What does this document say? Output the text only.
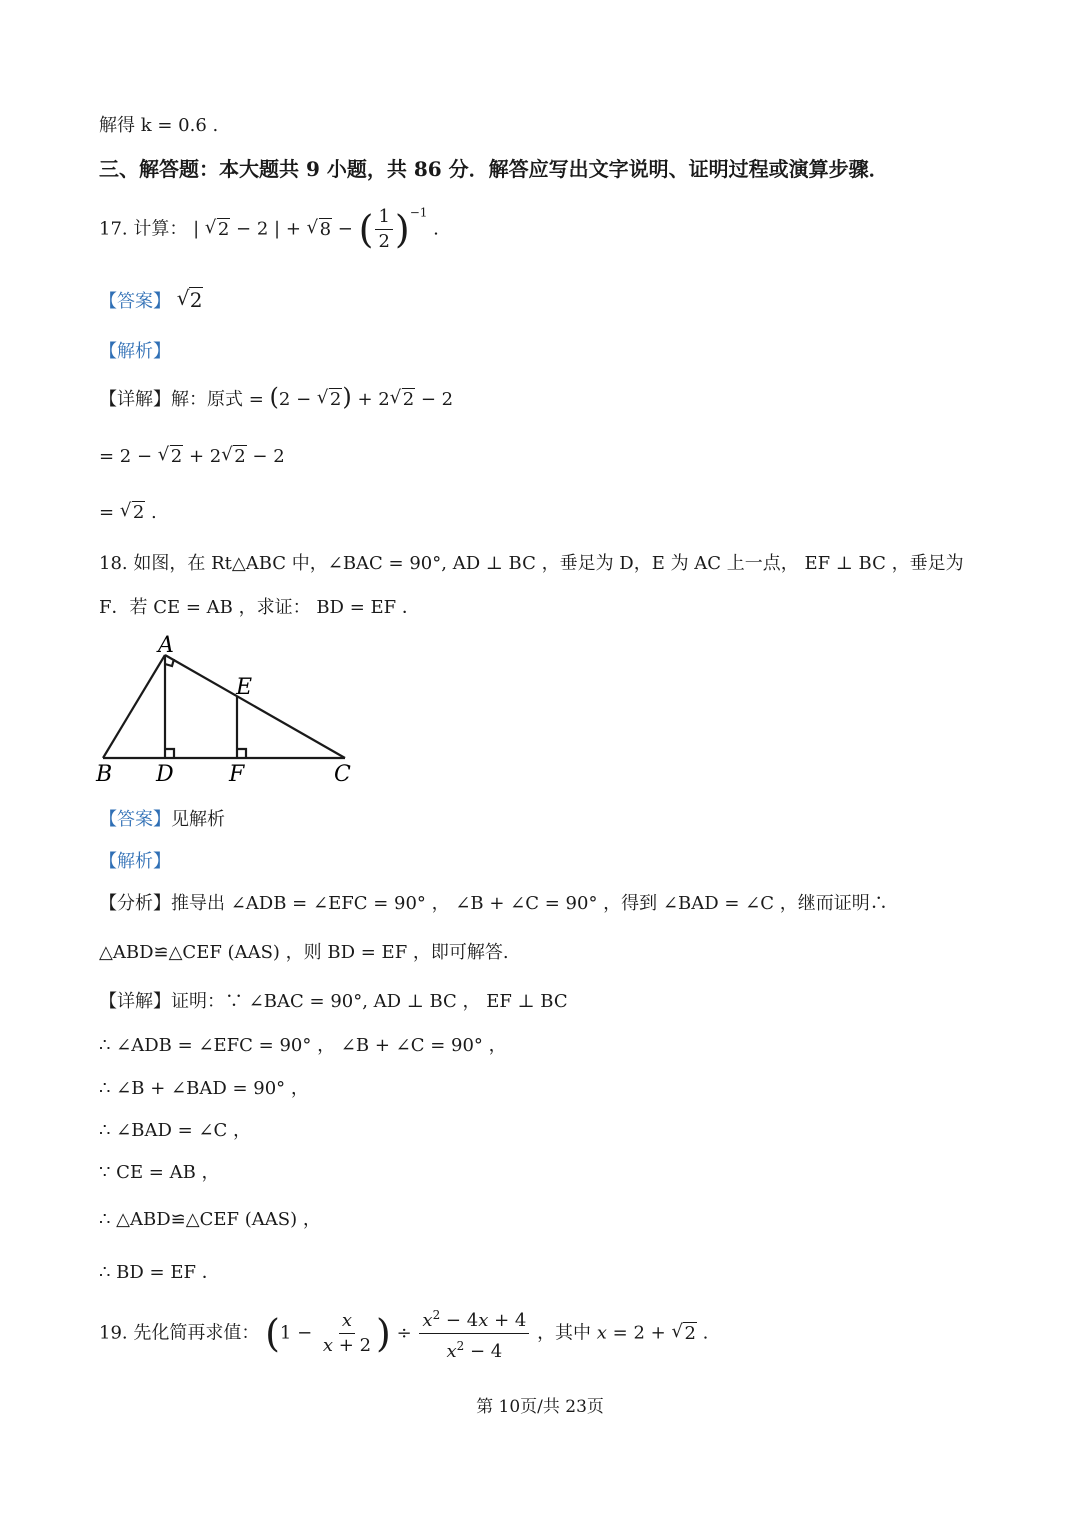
解得 k = 0.6 .
三、解答题：本大题共 9 小题，共 86 分．解答应写出文字说明、证明过程或演算步骤．
17. 计算： | √ 2 − 2 | + √ 8 − ( $\frac{1}{2} )^{-1}$ .
【答案】 √ 2
【解析】
【详解】解：原式 = (2 − √ 2) + 2 √ 2 − 2
= 2 − √ 2 + 2 √ 2 − 2
= √ 2 .
18. 如图，在 Rt△ABC 中，∠BAC = 90°, AD ⊥ BC ，垂足为 D，E 为 AC 上一点， EF ⊥ BC ，垂足为
F．若 CE = AB ，求证： BD = EF ．
A
B	C
D
E
F
【答案】见解析
【解析】
【分析】推导出 ∠ADB = ∠EFC = 90° ， ∠B + ∠C = 90° ，得到 ∠BAD = ∠C ，继而证明∴
△ABD≌△CEF (AAS) ，则 BD = EF ，即可解答.
【详解】证明：∵ ∠BAC = 90°, AD ⊥ BC ， EF ⊥ BC
∴ ∠ADB = ∠EFC = 90° ， ∠B + ∠C = 90° ，
∴ ∠B + ∠BAD = 90° ，
∴ ∠BAD = ∠C ，
∵ CE = AB ，
∴ △ABD≌△CEF (AAS) ，
∴ BD = EF ．
19. 先化简再求值： ($1 - \frac{x}{x + 2}$ ) ÷ $\frac{x^2 - 4x + 4}{x^2 - 4}$ ，其中 x = 2 + √ 2 .
第 10页/共 23页
